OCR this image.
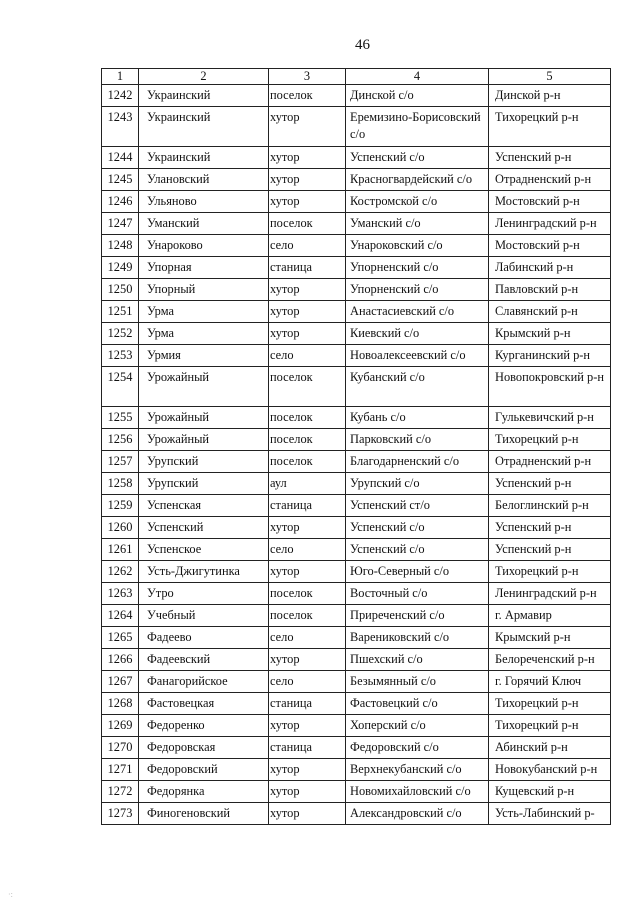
46
1	2	3	4	5
1242	Украинский	поселок	Динской с/о	Динской р-н
1243	Украинский	хутор	Еремизино-Борисовский с/о	Тихорецкий р-н
1244	Украинский	хутор	Успенский с/о	Успенский р-н
1245	Улановский	хутор	Красногвардейский с/о	Отрадненский р-н
1246	Ульяново	хутор	Костромской с/о	Мостовский р-н
1247	Уманский	поселок	Уманский с/о	Ленинградский р-н
1248	Унароково	село	Унароковский с/о	Мостовский р-н
1249	Упорная	станица	Упорненский с/о	Лабинский р-н
1250	Упорный	хутор	Упорненский с/о	Павловский р-н
1251	Урма	хутор	Анастасиевский с/о	Славянский р-н
1252	Урма	хутор	Киевский с/о	Крымский р-н
1253	Урмия	село	Новоалексеевский с/о	Курганинский р-н
1254	Урожайный	поселок	Кубанский с/о	Новопокровский р-н
1255	Урожайный	поселок	Кубань с/о	Гулькевичский р-н
1256	Урожайный	поселок	Парковский с/о	Тихорецкий р-н
1257	Урупский	поселок	Благодарненский с/о	Отрадненский р-н
1258	Урупский	аул	Урупский с/о	Успенский р-н
1259	Успенская	станица	Успенский ст/о	Белоглинский р-н
1260	Успенский	хутор	Успенский с/о	Успенский р-н
1261	Успенское	село	Успенский с/о	Успенский р-н
1262	Усть-Джигутинка	хутор	Юго-Северный с/о	Тихорецкий р-н
1263	Утро	поселок	Восточный с/о	Ленинградский р-н
1264	Учебный	поселок	Приреченский с/о	г. Армавир
1265	Фадеево	село	Варениковский с/о	Крымский р-н
1266	Фадеевский	хутор	Пшехский с/о	Белореченский р-н
1267	Фанагорийское	село	Безымянный с/о	г. Горячий Ключ
1268	Фастовецкая	станица	Фастовецкий с/о	Тихорецкий р-н
1269	Федоренко	хутор	Хоперский с/о	Тихорецкий р-н
1270	Федоровская	станица	Федоровский с/о	Абинский р-н
1271	Федоровский	хутор	Верхнекубанский с/о	Новокубанский р-н
1272	Федорянка	хутор	Новомихайловский с/о	Кущевский р-н
1273	Финогеновский	хутор	Александровский с/о	Усть-Лабинский р-
·:
